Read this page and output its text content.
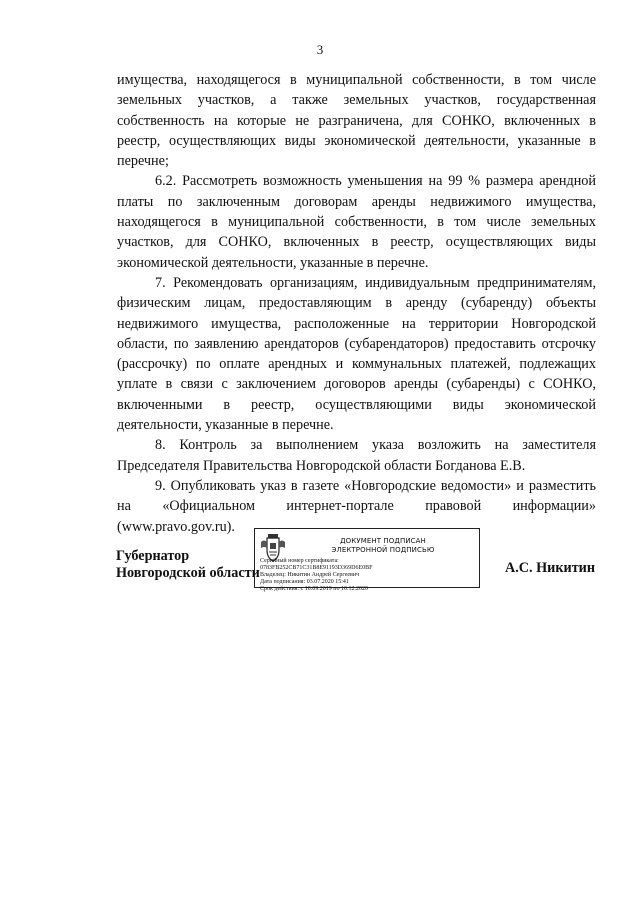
3

имущества, находящегося в муниципальной собственности, в том числе земельных участков, а также земельных участков, государственная собственность на которые не разграничена, для СОНКО, включенных в реестр, осуществляющих виды экономической деятельности, указанные в перечне;

6.2. Рассмотреть возможность уменьшения на 99 % размера арендной платы по заключенным договорам аренды недвижимого имущества, находящегося в муниципальной собственности, в том числе земельных участков, для СОНКО, включенных в реестр, осуществляющих виды экономической деятельности, указанные в перечне.

7. Рекомендовать организациям, индивидуальным предпринимателям, физическим лицам, предоставляющим в аренду (субаренду) объекты недвижимого имущества, расположенные на территории Новгородской области, по заявлению арендаторов (субарендаторов) предоставить отсрочку (рассрочку) по оплате арендных и коммунальных платежей, подлежащих уплате в связи с заключением договоров аренды (субаренды) с СОНКО, включенными в реестр, осуществляющими виды экономической деятельности, указанные в перечне.

8. Контроль за выполнением указа возложить на заместителя Председателя Правительства Новгородской области Богданова Е.В.

9. Опубликовать указ в газете «Новгородские ведомости» и разместить на «Официальном интернет-портале правовой информации» (www.pravo.gov.ru).

Губернатор
Новгородской области
ДОКУМЕНТ ПОДПИСАН
ЭЛЕКТРОННОЙ ПОДПИСЬЮ
Серийный номер сертификата:
0783FB252CB71C31B8E91193D369D6E0BF
Владелец: Никитин Андрей Сергеевич
Дата подписания: 03.07.2020 15:41
Срок действия: с 10.09.2019 по 10.12.2020
А.С. Никитин
